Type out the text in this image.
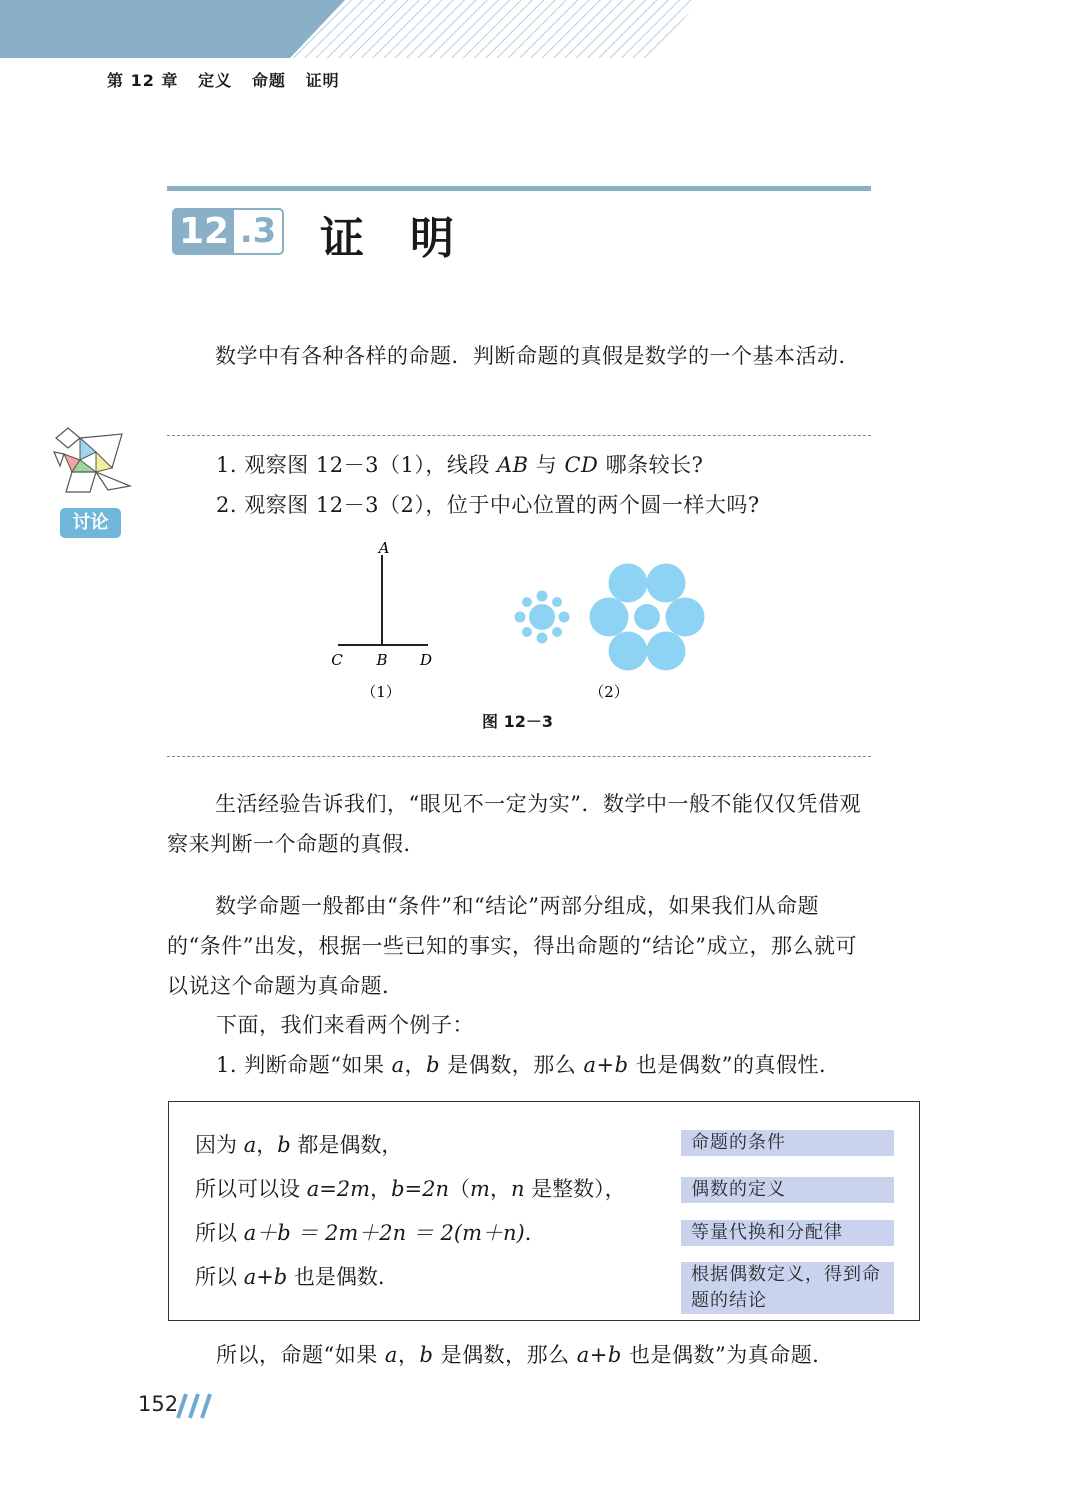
第 12 章 定义 命题 证明
12 .3 证明
数学中有各种各样的命题．判断命题的真假是数学的一个基本活动．
讨论
1. 观察图 12－3（1），线段 AB 与 CD 哪条较长?
2. 观察图 12－3（2），位于中心位置的两个圆一样大吗?
A
B
C	D
（1）	（2）
图 12－3
生活经验告诉我们，“眼见不一定为实”．数学中一般不能仅仅凭借观察来判断一个命题的真假．
数学命题一般都由“条件”和“结论”两部分组成，如果我们从命题的“条件”出发，根据一些已知的事实，得出命题的“结论”成立，那么就可以说这个命题为真命题．
下面，我们来看两个例子：
1. 判断命题“如果 a，b 是偶数，那么 a+b 也是偶数”的真假性．
因为 a，b 都是偶数，
所以可以设 a=2m，b=2n（m，n 是整数），
所以 a＋b ＝ 2m＋2n ＝ 2(m＋n)．
所以 a+b 也是偶数.
命题的条件
偶数的定义
等量代换和分配律
根据偶数定义，得到命题的结论
所以，命题“如果 a，b 是偶数，那么 a+b 也是偶数”为真命题．
152
